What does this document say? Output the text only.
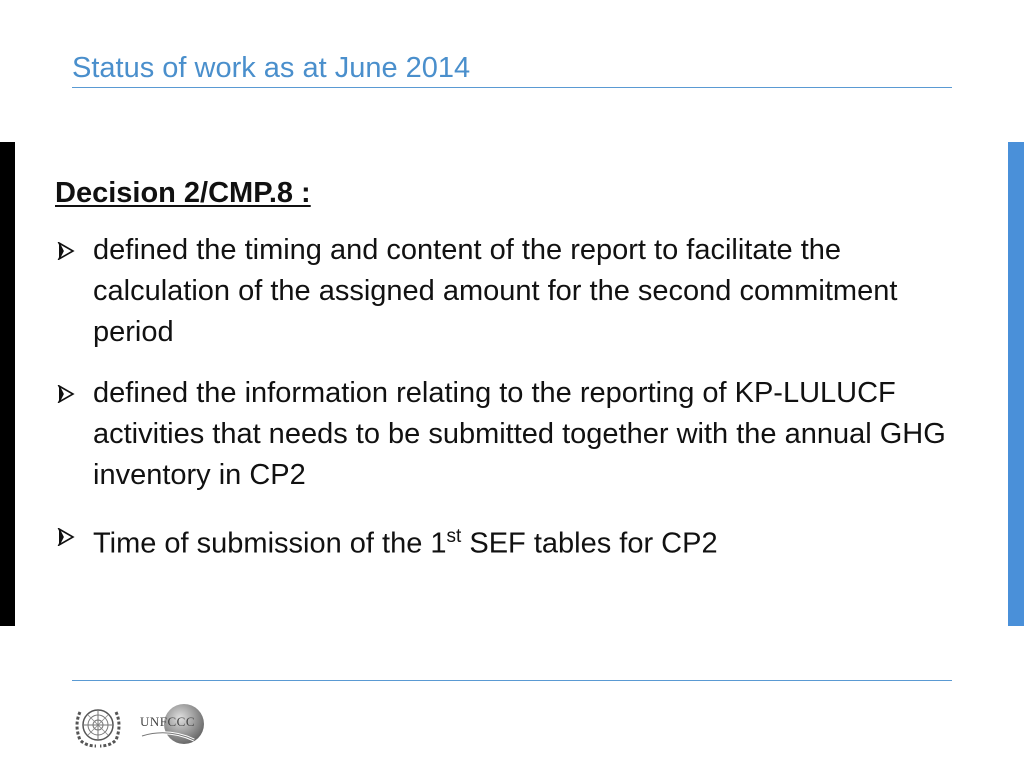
Status of work as at June 2014
Decision 2/CMP.8 :
defined the timing and content of the report to facilitate the calculation of the assigned amount for the second commitment period
defined the information relating to the reporting of KP-LULUCF activities that needs to be submitted together with the annual GHG inventory in CP2
Time of submission of the 1st SEF tables for CP2
UNFCCC
